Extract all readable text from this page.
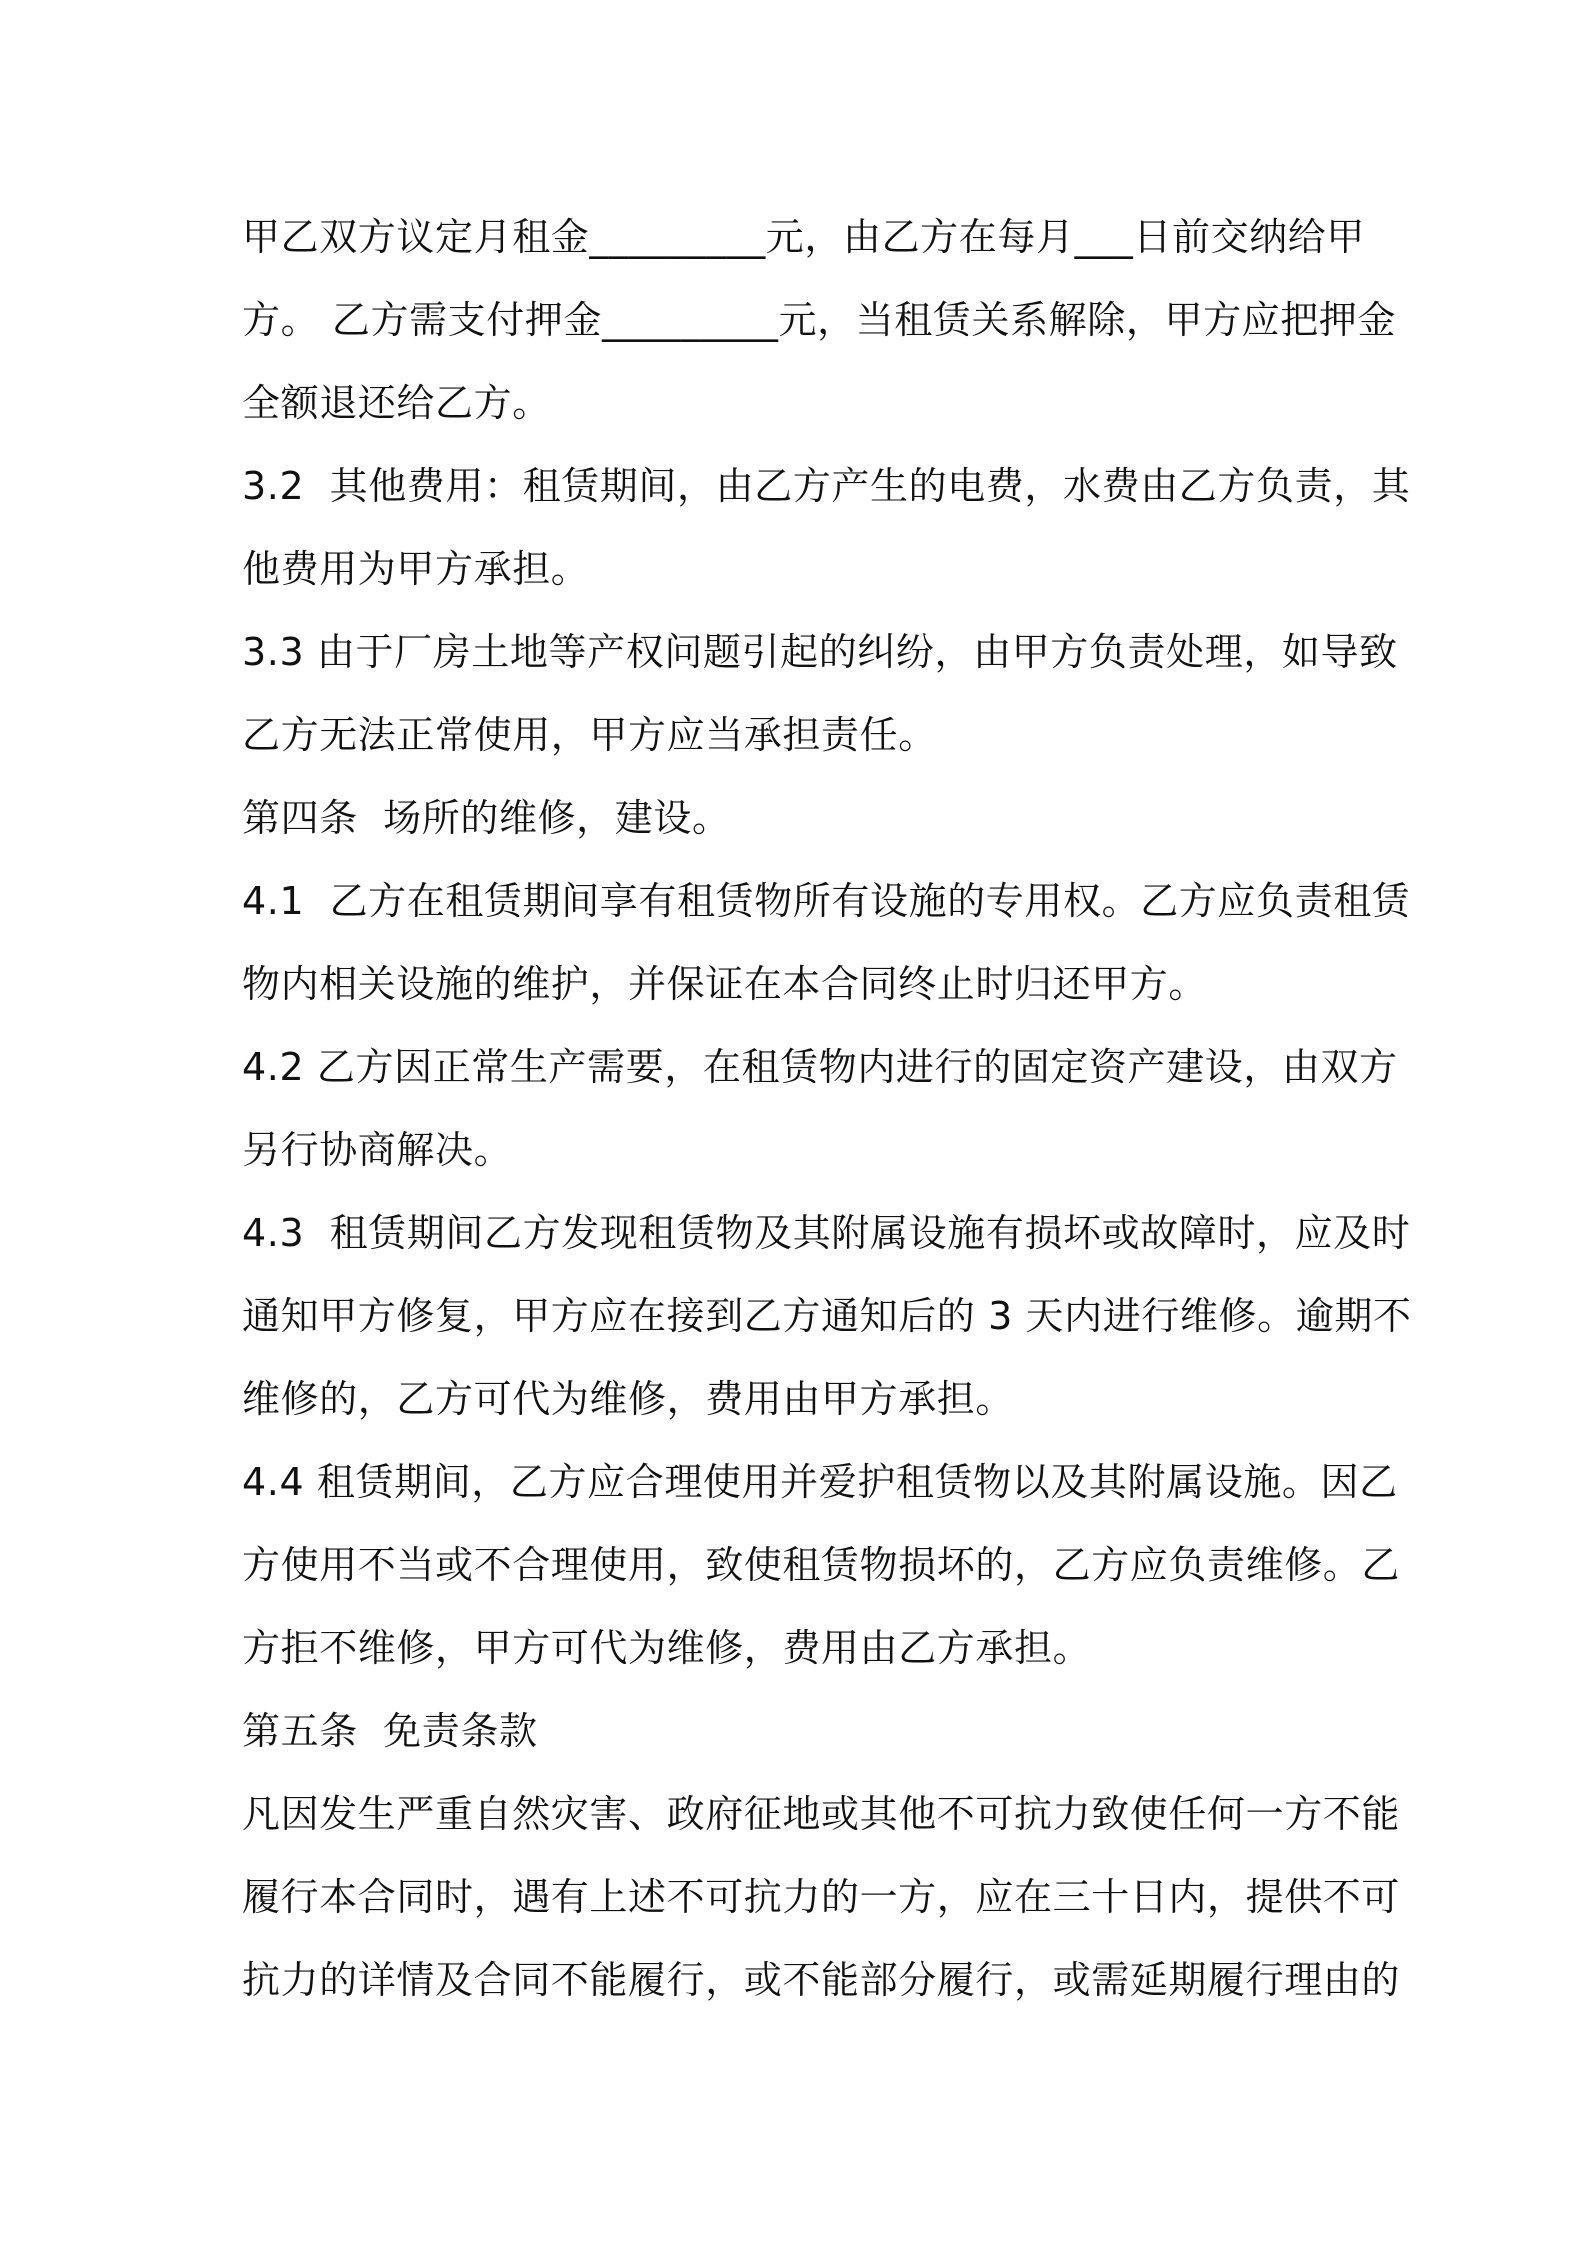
甲乙双方议定月租金_________元，由乙方在每月___日前交纳给甲
方。 乙方需支付押金_________元，当租赁关系解除，甲方应把押金
全额退还给乙方。
3.2  其他费用：租赁期间，由乙方产生的电费，水费由乙方负责，其
他费用为甲方承担。
3.3 由于厂房土地等产权问题引起的纠纷，由甲方负责处理，如导致
乙方无法正常使用，甲方应当承担责任。
第四条  场所的维修，建设。
4.1  乙方在租赁期间享有租赁物所有设施的专用权。乙方应负责租赁
物内相关设施的维护，并保证在本合同终止时归还甲方。
4.2 乙方因正常生产需要，在租赁物内进行的固定资产建设，由双方
另行协商解决。
4.3  租赁期间乙方发现租赁物及其附属设施有损坏或故障时，应及时
通知甲方修复，甲方应在接到乙方通知后的 3 天内进行维修。逾期不
维修的，乙方可代为维修，费用由甲方承担。
4.4 租赁期间，乙方应合理使用并爱护租赁物以及其附属设施。因乙
方使用不当或不合理使用，致使租赁物损坏的，乙方应负责维修。乙
方拒不维修，甲方可代为维修，费用由乙方承担。
第五条  免责条款
凡因发生严重自然灾害、政府征地或其他不可抗力致使任何一方不能
履行本合同时，遇有上述不可抗力的一方，应在三十日内，提供不可
抗力的详情及合同不能履行，或不能部分履行，或需延期履行理由的
